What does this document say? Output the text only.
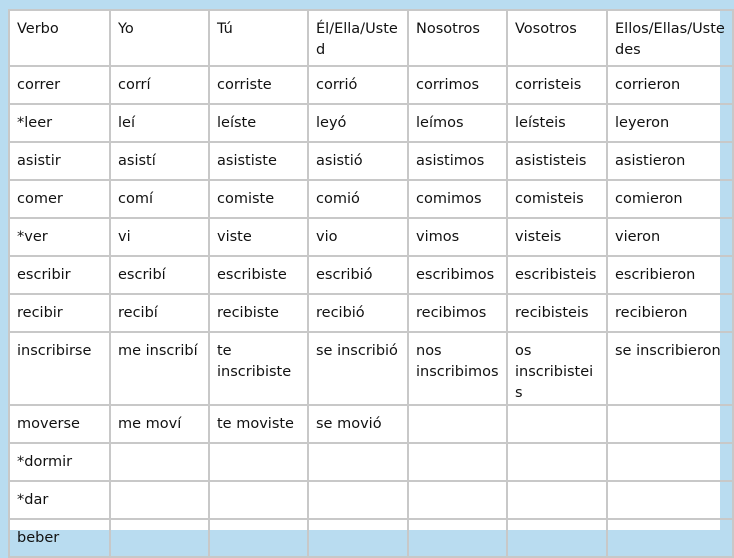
Verbo	Yo	Tú	Él/Ella/Usted	Nosotros	Vosotros	Ellos/Ellas/Ustedes
correr	corrí	corriste	corrió	corrimos	corristeis	corrieron
*leer	leí	leíste	leyó	leímos	leísteis	leyeron
asistir	asistí	asististe	asistió	asistimos	asististeis	asistieron
comer	comí	comiste	comió	comimos	comisteis	comieron
*ver	vi	viste	vio	vimos	visteis	vieron
escribir	escribí	escribiste	escribió	escribimos	escribisteis	escribieron
recibir	recibí	recibiste	recibió	recibimos	recibisteis	recibieron
inscribirse	me inscribí	te inscribiste	se inscribió	nos inscribimos	os inscribisteis	se inscribieron
moverse	me moví	te moviste	se movió			
*dormir						
*dar						
beber						
